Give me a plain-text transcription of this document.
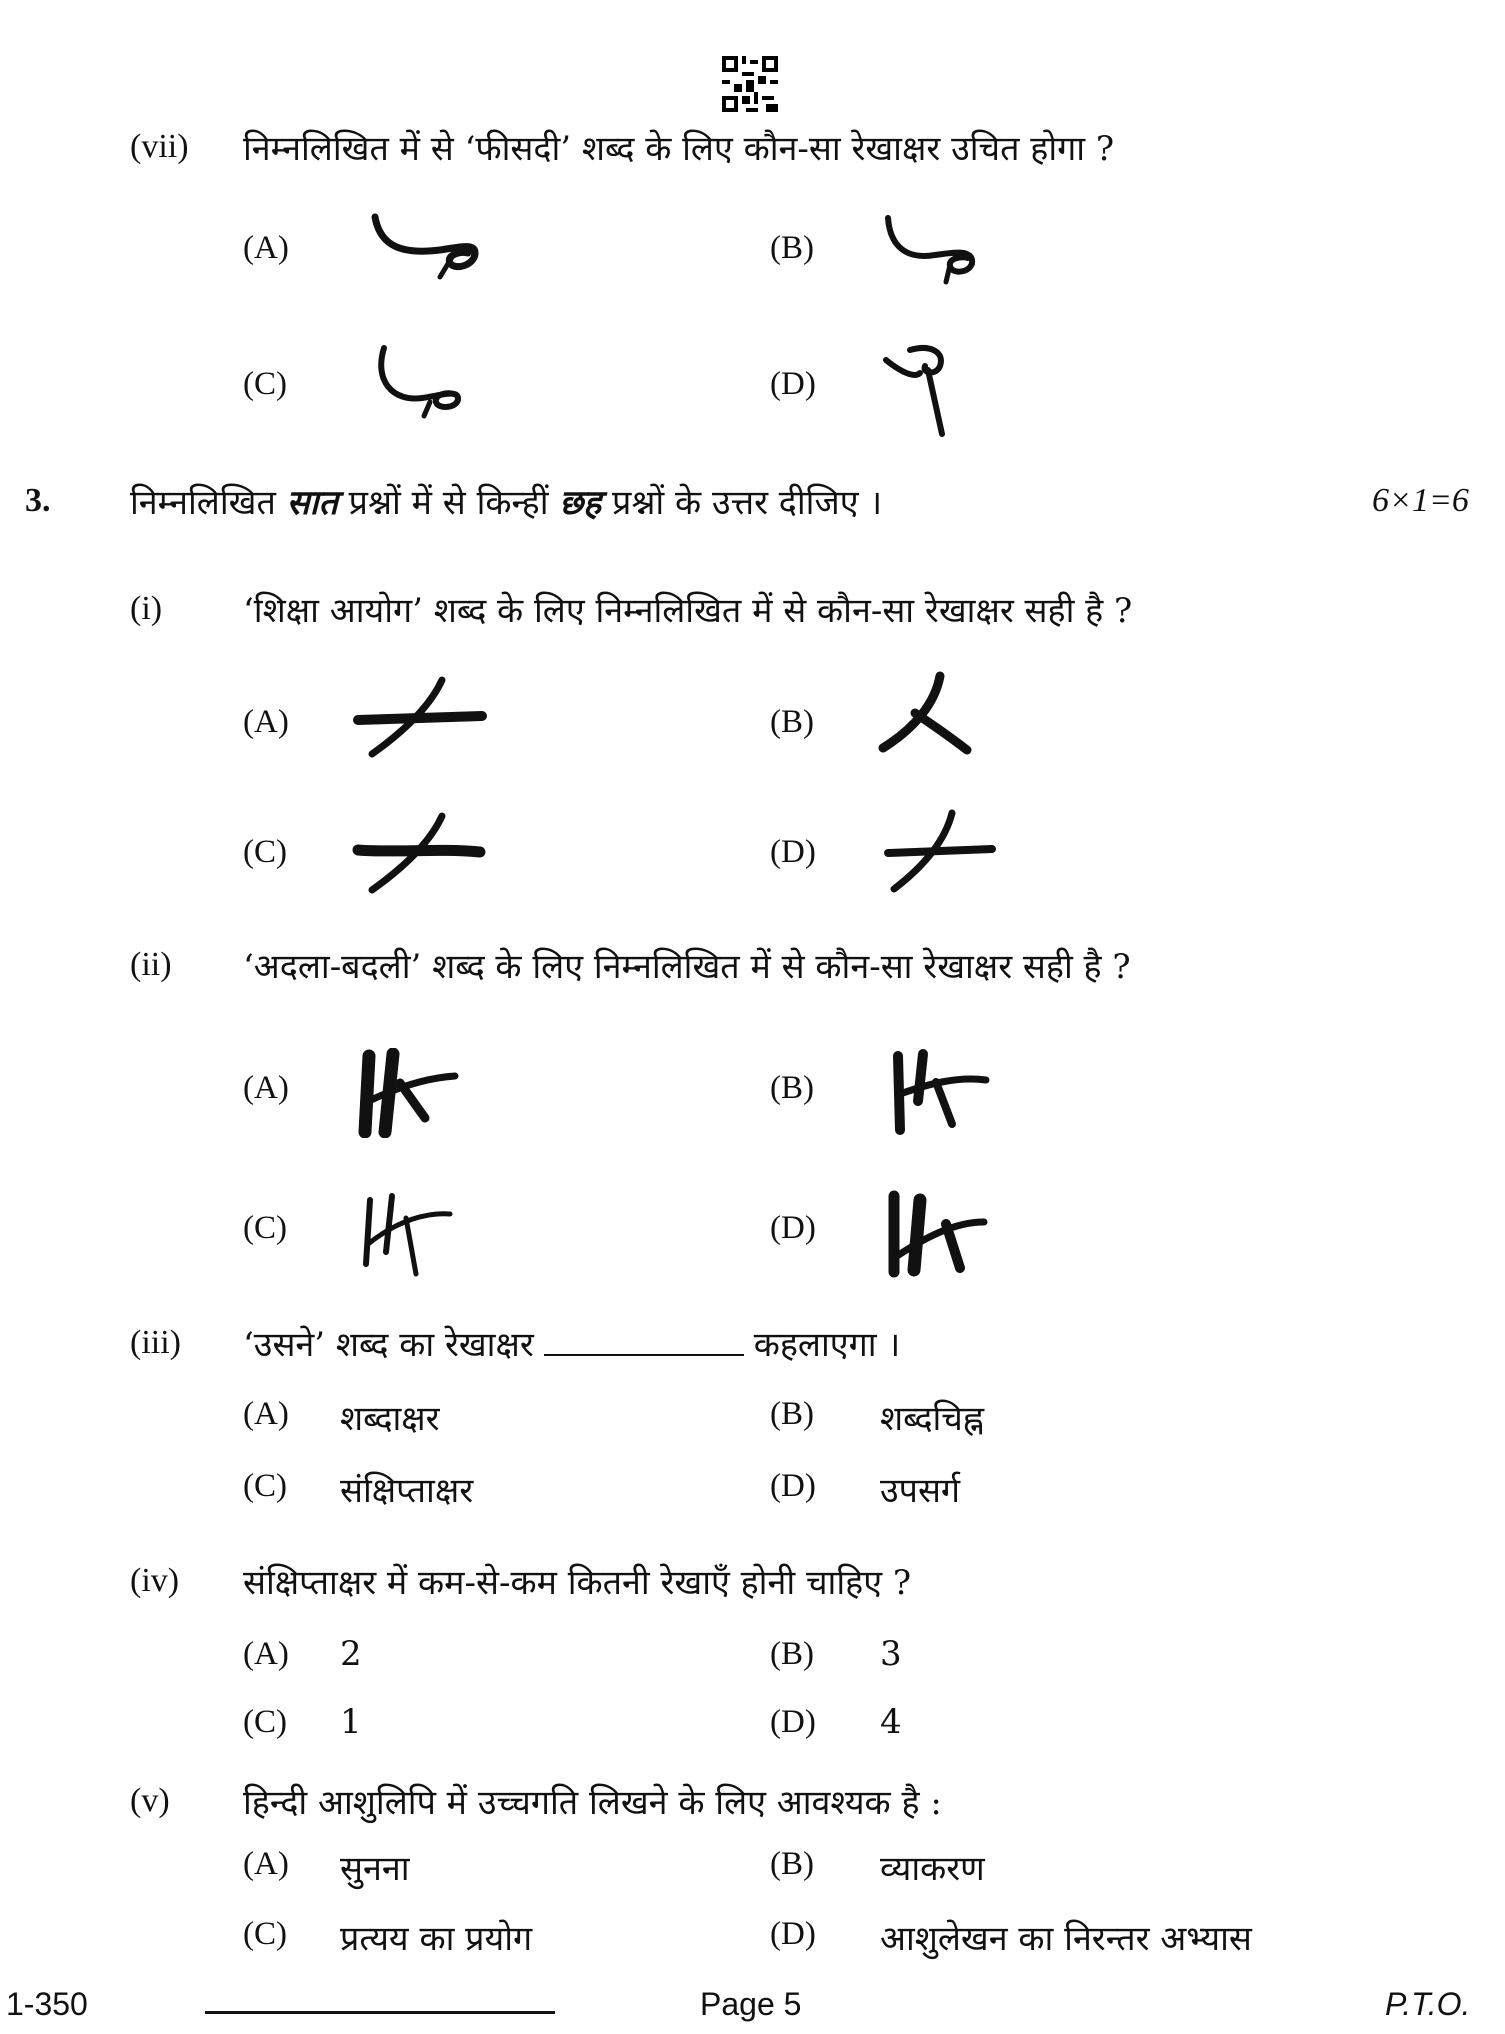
(vii) निम्नलिखित में से ‘फीसदी’ शब्द के लिए कौन-सा रेखाक्षर उचित होगा ?
(A)	(B)
(C)	(D)
3. निम्नलिखित सात प्रश्नों में से किन्हीं छह प्रश्नों के उत्तर दीजिए ।	6×1=6
(i) ‘शिक्षा आयोग’ शब्द के लिए निम्नलिखित में से कौन-सा रेखाक्षर सही है ?
(A)	(B)
(C)	(D)
(ii) ‘अदला-बदली’ शब्द के लिए निम्नलिखित में से कौन-सा रेखाक्षर सही है ?
(A)	(B)
(C)	(D)
(iii) ‘उसने’ शब्द का रेखाक्षर	कहलाएगा ।
(A) शब्दाक्षर	(B) शब्दचिह्न
(C) संक्षिप्ताक्षर	(D) उपसर्ग
(iv) संक्षिप्ताक्षर में कम-से-कम कितनी रेखाएँ होनी चाहिए ?
(A) 2	(B) 3
(C) 1	(D) 4
(v) हिन्दी आशुलिपि में उच्चगति लिखने के लिए आवश्यक है :
(A) सुनना	(B) व्याकरण
(C) प्रत्यय का प्रयोग	(D) आशुलेखन का निरन्तर अभ्यास
1-350	Page 5	P.T.O.
